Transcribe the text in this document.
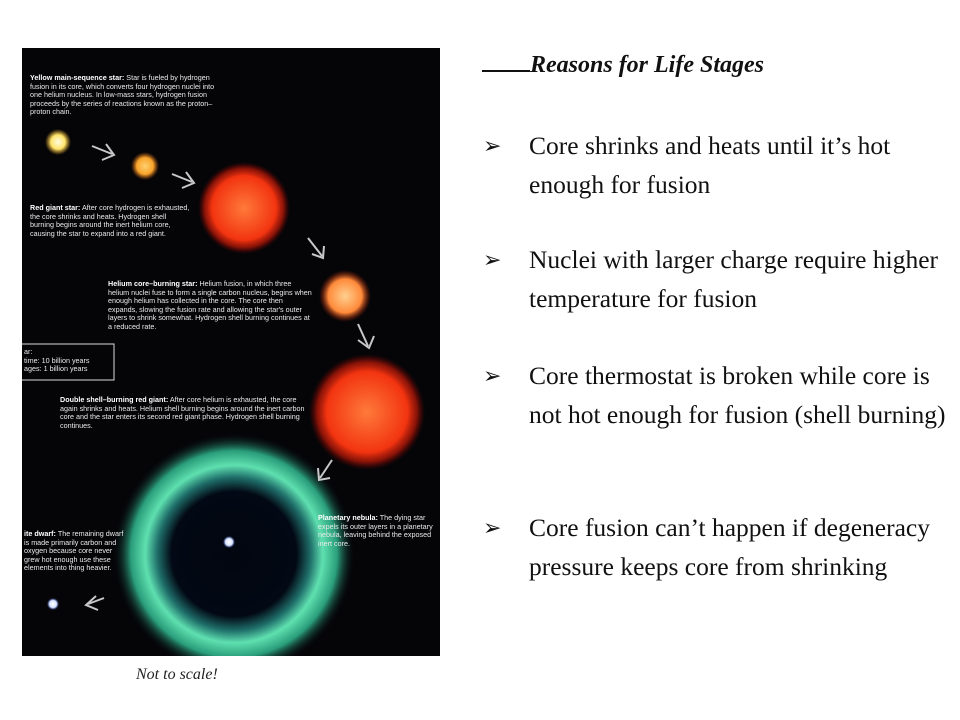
Yellow main-sequence star: Star is fueled by hydrogen fusion in its core, which converts four hydrogen nuclei into one helium nucleus. In low-mass stars, hydrogen fusion proceeds by the series of reactions known as the proton–proton chain.
Red giant star: After core hydrogen is exhausted, the core shrinks and heats. Hydrogen shell burning begins around the inert helium core, causing the star to expand into a red giant.
Helium core–burning star: Helium fusion, in which three helium nuclei fuse to form a single carbon nucleus, begins when enough helium has collected in the core. The core then expands, slowing the fusion rate and allowing the star's outer layers to shrink somewhat. Hydrogen shell burning continues at a reduced rate.
ar:
time: 10 billion years
ages: 1 billion years
Double shell–burning red giant: After core helium is exhausted, the core again shrinks and heats. Helium shell burning begins around the inert carbon core and the star enters its second red giant phase. Hydrogen shell burning continues.
Planetary nebula: The dying star expels its outer layers in a planetary nebula, leaving behind the exposed inert core.
ite dwarf: The remaining dwarf is made primarily carbon and oxygen because core never grew hot enough use these elements into thing heavier.
Not to scale!
Reasons for Life Stages
➢ Core shrinks and heats until it’s hot enough for fusion
➢ Nuclei with larger charge require higher temperature for fusion
➢ Core thermostat is broken while core is not hot enough for fusion (shell burning)
➢ Core fusion can’t happen if degeneracy pressure keeps core from shrinking
